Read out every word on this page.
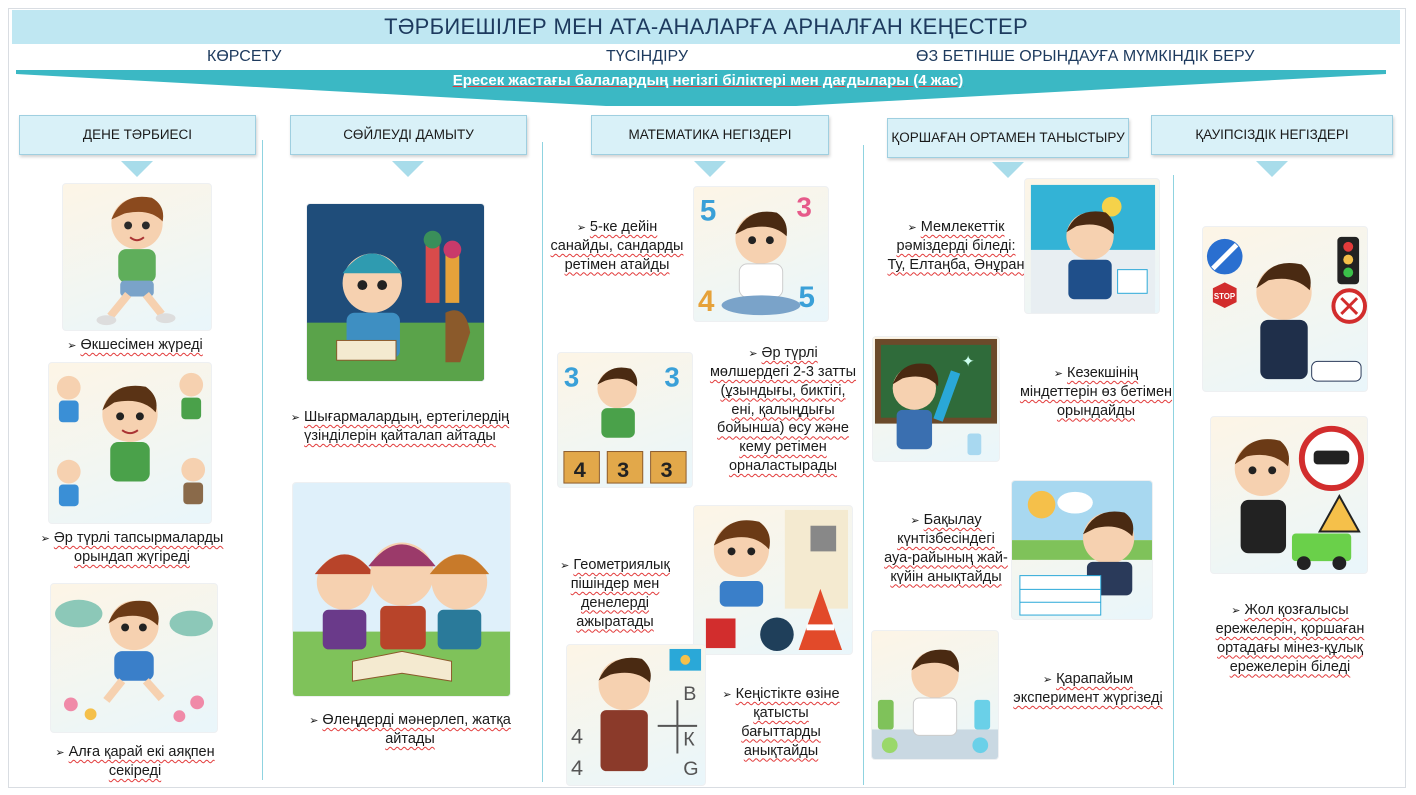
ТӘРБИЕШІЛЕР МЕН АТА-АНАЛАРҒА АРНАЛҒАН КЕҢЕСТЕР
КӨРСЕТУ	ТҮСІНДІРУ	ӨЗ БЕТІНШЕ ОРЫНДАУҒА МҮМКІНДІК БЕРУ
Ересек жастағы балалардың негізгі біліктері мен дағдылары (4 жас)
ДЕНЕ ТӘРБИЕСІ	СӨЙЛЕУДІ ДАМЫТУ	МАТЕМАТИКА НЕГІЗДЕРІ	ҚОРШАҒАН ОРТАМЕН ТАНЫСТЫРУ	ҚАУІПСІЗДІК НЕГІЗДЕРІ
➢ Өкшесімен жүреді
➢ Әр түрлі тапсырмаларды орындап жүгіреді
➢ Алға қарай екі аяқпен секіреді
➢ Шығармалардың, ертегілердің үзінділерін қайталап айтады
➢ Өлеңдерді мәнерлеп, жатқа айтады
➢ 5-ке дейін санайды, сандарды ретімен атайды
5	3
4	5
3	3
4 3 3
➢ Әр түрлі мөлшердегі 2-3 затты (ұзындығы, биктігі, ені, қалыңдығы бойынша) өсу және кему ретімен орналастырады
➢ Геометриялық пішіндер мен денелерді ажыратады
В
К
G
4
4
➢ Кеңістікте өзіне қатысты бағыттарды анықтайды
➢ Мемлекеттік рәміздерді біледі: Ту, Елтаңба, Әнұран
✦
➢ Кезекшінің міндеттерін өз бетімен орындайды
➢ Бақылау күнтізбесіндегі ауа-райының жай-күйін анықтайды
➢ Қарапайым эксперимент жүргізеді
STOP
➢ Жол қозғалысы ережелерін, қоршаған ортадағы мінез-құлық ережелерін біледі
